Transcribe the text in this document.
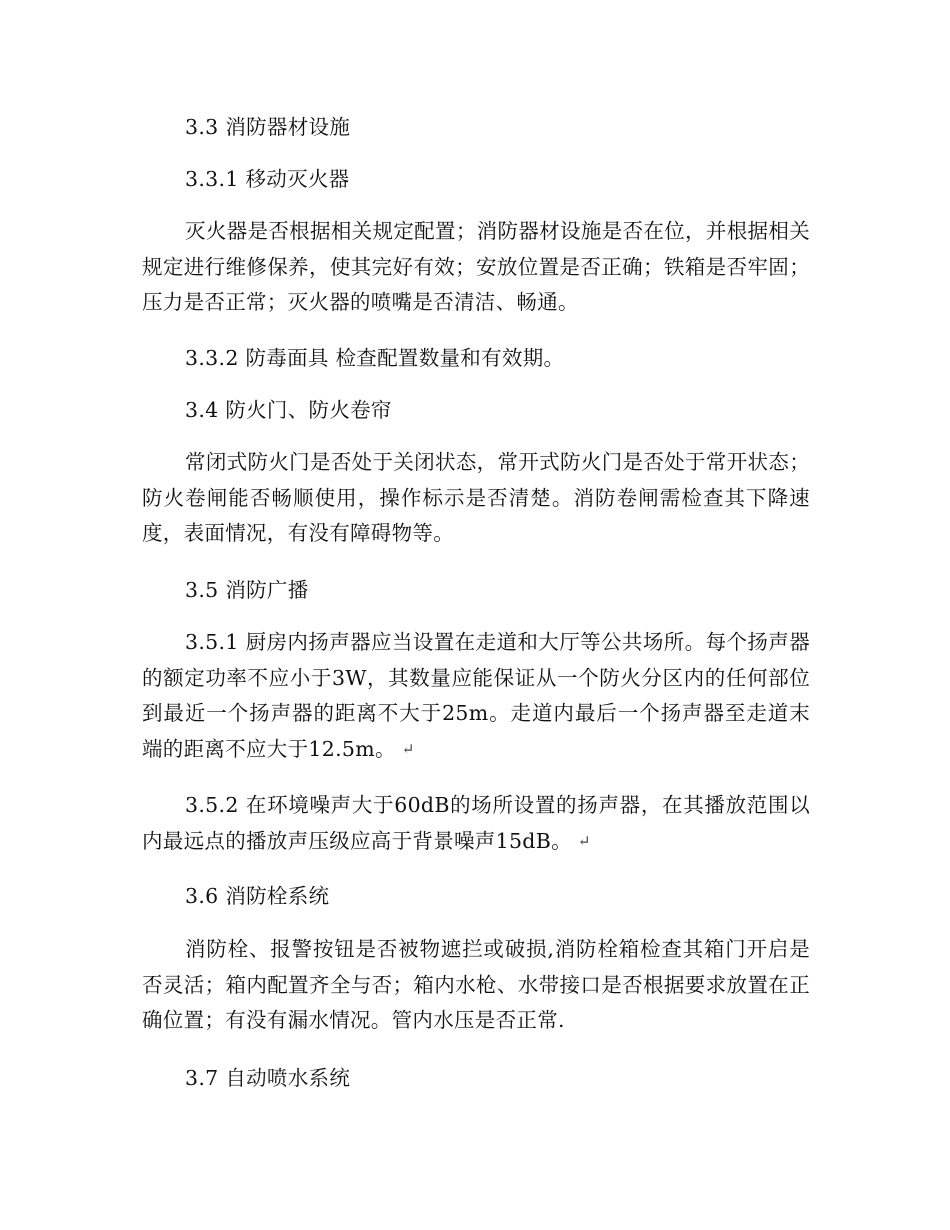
3.3 消防器材设施

3.3.1 移动灭火器

灭火器是否根据相关规定配置；消防器材设施是否在位，并根据相关规定进行维修保养，使其完好有效；安放位置是否正确；铁箱是否牢固；压力是否正常；灭火器的喷嘴是否清洁、畅通。

3.3.2 防毒面具 检查配置数量和有效期。

3.4 防火门、防火卷帘

常闭式防火门是否处于关闭状态，常开式防火门是否处于常开状态；防火卷闸能否畅顺使用，操作标示是否清楚。消防卷闸需检查其下降速度，表面情况，有没有障碍物等。

3.5 消防广播

3.5.1 厨房内扬声器应当设置在走道和大厅等公共场所。每个扬声器的额定功率不应小于3W，其数量应能保证从一个防火分区内的任何部位到最近一个扬声器的距离不大于25m。走道内最后一个扬声器至走道末端的距离不应大于12.5m。 ↵

3.5.2 在环境噪声大于60dB的场所设置的扬声器，在其播放范围以内最远点的播放声压级应高于背景噪声15dB。 ↵

3.6 消防栓系统

消防栓、报警按钮是否被物遮拦或破损,消防栓箱检查其箱门开启是否灵活；箱内配置齐全与否；箱内水枪、水带接口是否根据要求放置在正确位置；有没有漏水情况。管内水压是否正常.

3.7 自动喷水系统
